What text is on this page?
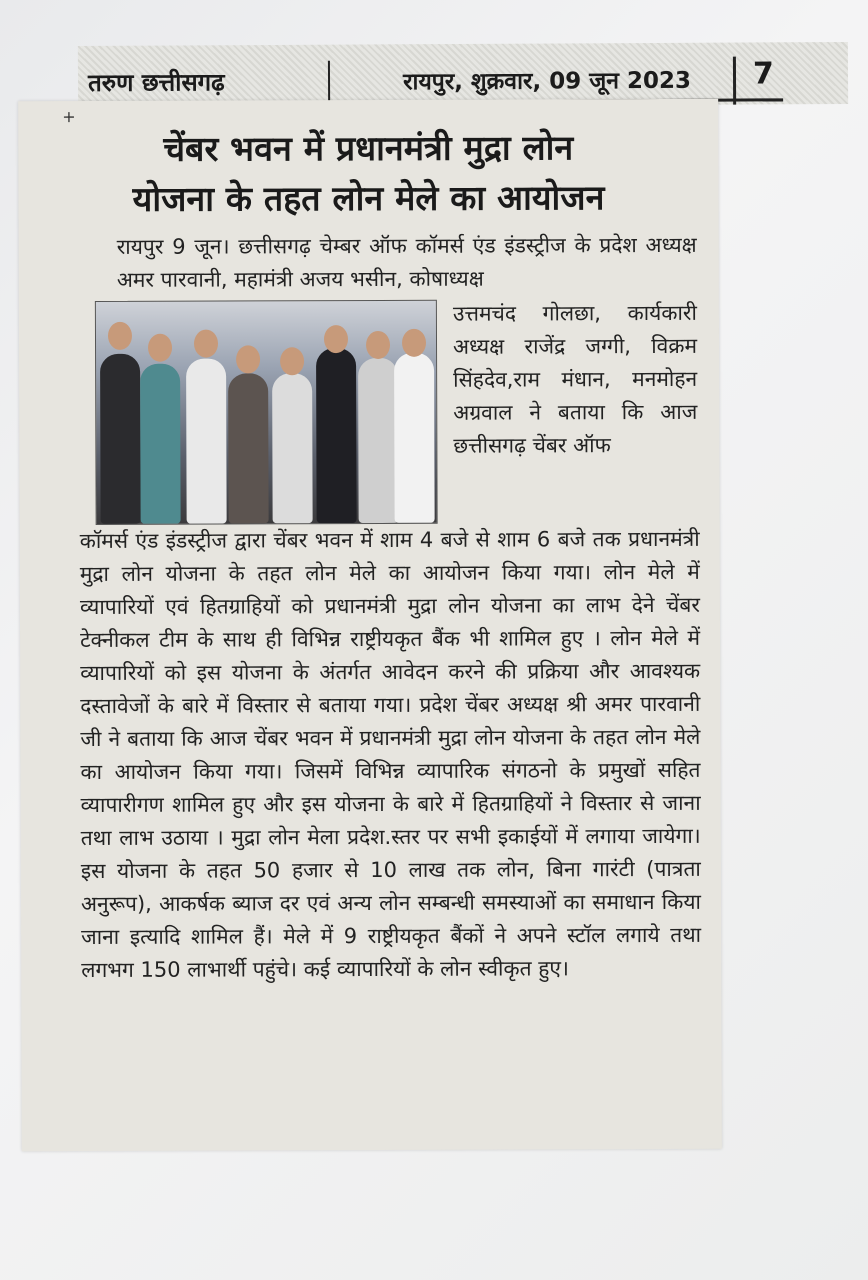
तरुण छत्तीसगढ़	रायपुर, शुक्रवार, 09 जून 2023 7
+
चेंबर भवन में प्रधानमंत्री मुद्रा लोन
योजना के तहत लोन मेले का आयोजन
रायपुर 9 जून। छत्तीसगढ़ चेम्बर ऑफ कॉमर्स एंड इंडस्ट्रीज के प्रदेश अध्यक्ष अमर पारवानी, महामंत्री अजय भसीन, कोषाध्यक्ष
उत्तमचंद गोलछा, कार्यकारी अध्यक्ष राजेंद्र जग्गी, विक्रम सिंहदेव,राम मंधान, मनमोहन अग्रवाल ने बताया कि आज छत्तीसगढ़ चेंबर ऑफ
कॉमर्स एंड इंडस्ट्रीज द्वारा चेंबर भवन में शाम 4 बजे से शाम 6 बजे तक प्रधानमंत्री मुद्रा लोन योजना के तहत लोन मेले का आयोजन किया गया। लोन मेले में व्यापारियों एवं हितग्राहियों को प्रधानमंत्री मुद्रा लोन योजना का लाभ देने चेंबर टेक्नीकल टीम के साथ ही विभिन्न राष्ट्रीयकृत बैंक भी शामिल हुए । लोन मेले में व्यापारियों को इस योजना के अंतर्गत आवेदन करने की प्रक्रिया और आवश्यक दस्तावेजों के बारे में विस्तार से बताया गया। प्रदेश चेंबर अध्यक्ष श्री अमर पारवानी जी ने बताया कि आज चेंबर भवन में प्रधानमंत्री मुद्रा लोन योजना के तहत लोन मेले का आयोजन किया गया। जिसमें विभिन्न व्यापारिक संगठनो के प्रमुखों सहित व्यापारीगण शामिल हुए और इस योजना के बारे में हितग्राहियों ने विस्तार से जाना तथा लाभ उठाया । मुद्रा लोन मेला प्रदेश.स्तर पर सभी इकाईयों में लगाया जायेगा। इस योजना के तहत 50 हजार से 10 लाख तक लोन, बिना गारंटी (पात्रता अनुरूप), आकर्षक ब्याज दर एवं अन्य लोन सम्बन्धी समस्याओं का समाधान किया जाना इत्यादि शामिल हैं। मेले में 9 राष्ट्रीयकृत बैंकों ने अपने स्टॉल लगाये तथा लगभग 150 लाभार्थी पहुंचे। कई व्यापारियों के लोन स्वीकृत हुए।
